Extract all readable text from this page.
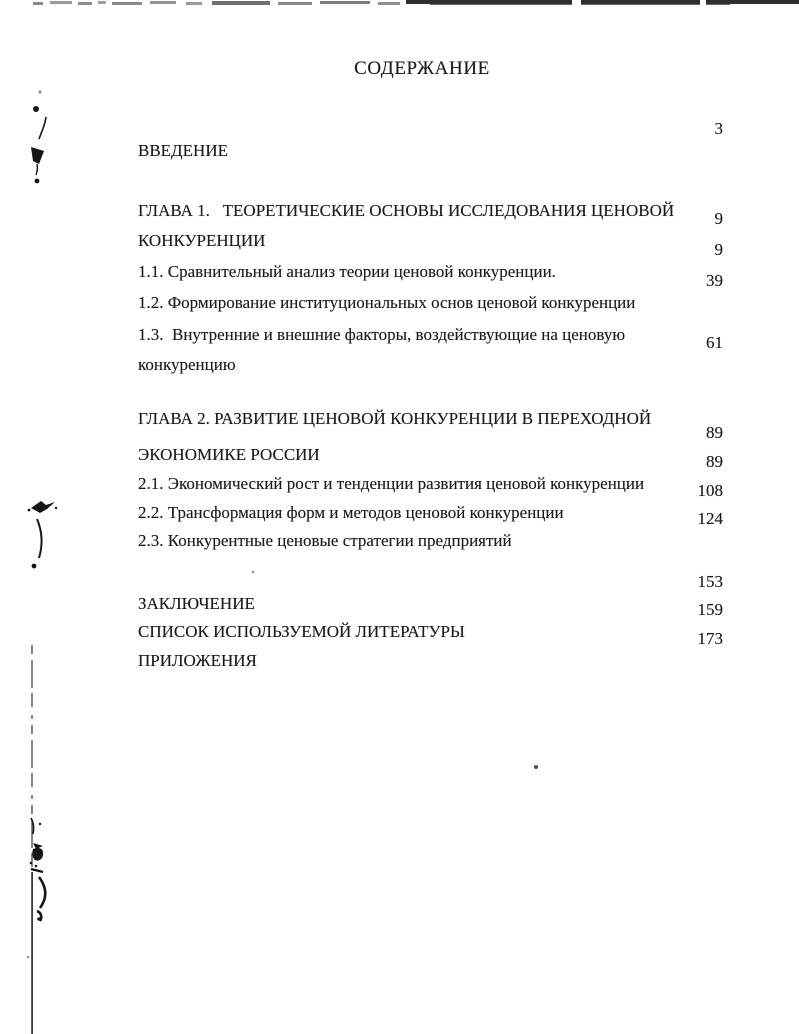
СОДЕРЖАНИЕ

ВВЕДЕНИЕ

3

ГЛАВА 1.   ТЕОРЕТИЧЕСКИЕ ОСНОВЫ ИССЛЕДОВАНИЯ ЦЕНОВОЙ

КОНКУРЕНЦИИ

9

1.1. Сравнительный анализ теории ценовой конкуренции.

9

1.2. Формирование институциональных основ ценовой конкуренции

39

1.3.  Внутренние и внешние факторы, воздействующие на ценовую

конкуренцию

61

ГЛАВА 2. РАЗВИТИЕ ЦЕНОВОЙ КОНКУРЕНЦИИ В ПЕРЕХОДНОЙ

ЭКОНОМИКЕ РОССИИ

89

2.1. Экономический рост и тенденции развития ценовой конкуренции

89

2.2. Трансформация форм и методов ценовой конкуренции

108

2.3. Конкурентные ценовые стратегии предприятий

124

ЗАКЛЮЧЕНИЕ

153

СПИСОК ИСПОЛЬЗУЕМОЙ ЛИТЕРАТУРЫ

159

ПРИЛОЖЕНИЯ

173
